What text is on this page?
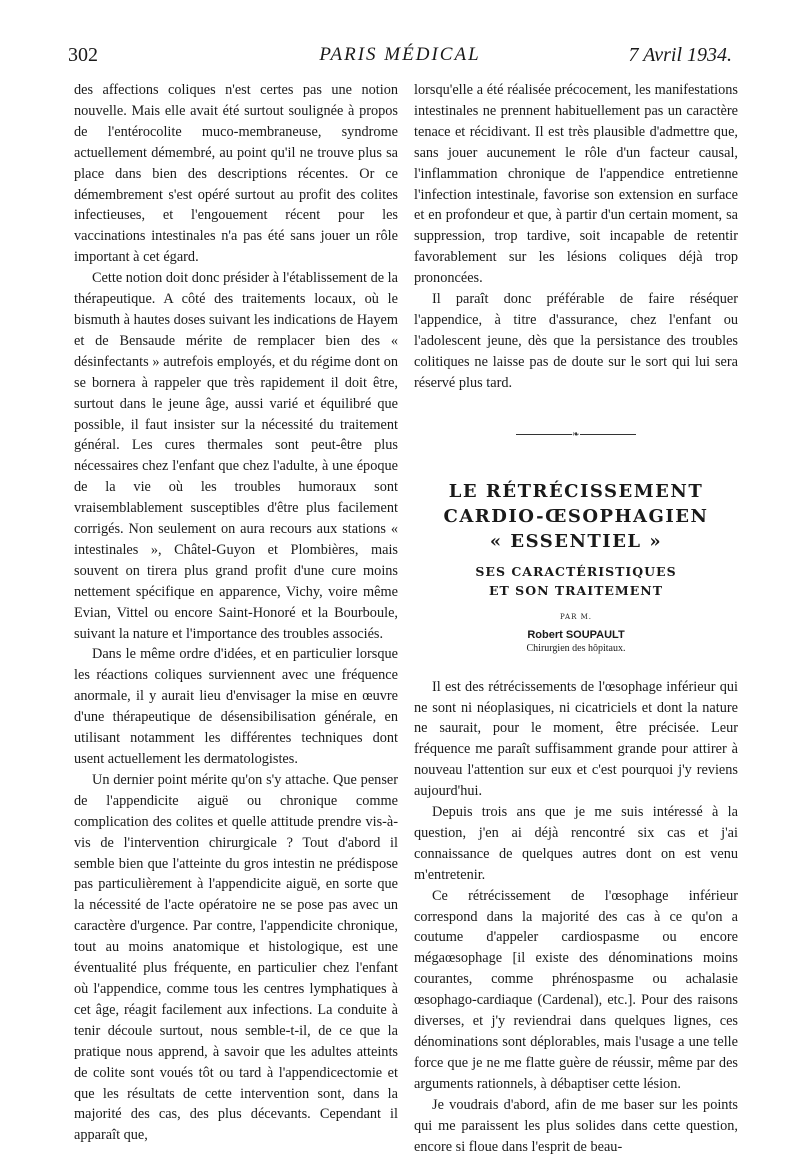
302	PARIS MÉDICAL	7 Avril 1934.

des affections coliques n'est certes pas une notion nouvelle. Mais elle avait été surtout soulignée à propos de l'entérocolite muco-membraneuse, syndrome actuellement démembré, au point qu'il ne trouve plus sa place dans bien des descriptions récentes. Or ce démembrement s'est opéré surtout au profit des colites infectieuses, et l'engouement récent pour les vaccinations intestinales n'a pas été sans jouer un rôle important à cet égard.

Cette notion doit donc présider à l'établissement de la thérapeutique. A côté des traitements locaux, où le bismuth à hautes doses suivant les indications de Hayem et de Bensaude mérite de remplacer bien des « désinfectants » autrefois employés, et du régime dont on se bornera à rappeler que très rapidement il doit être, surtout dans le jeune âge, aussi varié et équilibré que possible, il faut insister sur la nécessité du traitement général. Les cures thermales sont peut-être plus nécessaires chez l'enfant que chez l'adulte, à une époque de la vie où les troubles humoraux sont vraisemblablement susceptibles d'être plus facilement corrigés. Non seulement on aura recours aux stations « intestinales », Châtel-Guyon et Plombières, mais souvent on tirera plus grand profit d'une cure moins nettement spécifique en apparence, Vichy, voire même Evian, Vittel ou encore Saint-Honoré et la Bourboule, suivant la nature et l'importance des troubles associés.

Dans le même ordre d'idées, et en particulier lorsque les réactions coliques surviennent avec une fréquence anormale, il y aurait lieu d'envisager la mise en œuvre d'une thérapeutique de désensibilisation générale, en utilisant notamment les différentes techniques dont usent actuellement les dermatologistes.

Un dernier point mérite qu'on s'y attache. Que penser de l'appendicite aiguë ou chronique comme complication des colites et quelle attitude prendre vis-à-vis de l'intervention chirurgicale ? Tout d'abord il semble bien que l'atteinte du gros intestin ne prédispose pas particulièrement à l'appendicite aiguë, en sorte que la nécessité de l'acte opératoire ne se pose pas avec un caractère d'urgence. Par contre, l'appendicite chronique, tout au moins anatomique et histologique, est une éventualité plus fréquente, en particulier chez l'enfant où l'appendice, comme tous les centres lymphatiques à cet âge, réagit facilement aux infections. La conduite à tenir découle surtout, nous semble-t-il, de ce que la pratique nous apprend, à savoir que les adultes atteints de colite sont voués tôt ou tard à l'appendicectomie et que les résultats de cette intervention sont, dans la majorité des cas, des plus décevants. Cependant il apparaît que,

lorsqu'elle a été réalisée précocement, les manifestations intestinales ne prennent habituellement pas un caractère tenace et récidivant. Il est très plausible d'admettre que, sans jouer aucunement le rôle d'un facteur causal, l'inflammation chronique de l'appendice entretienne l'infection intestinale, favorise son extension en surface et en profondeur et que, à partir d'un certain moment, sa suppression, trop tardive, soit incapable de retentir favorablement sur les lésions coliques déjà trop prononcées.

Il paraît donc préférable de faire réséquer l'appendice, à titre d'assurance, chez l'enfant ou l'adolescent jeune, dès que la persistance des troubles colitiques ne laisse pas de doute sur le sort qui lui sera réservé plus tard.

❧
LE RÉTRÉCISSEMENT
CARDIO-ŒSOPHAGIEN
« ESSENTIEL »
SES CARACTÉRISTIQUES
ET SON TRAITEMENT
PAR M.
Robert SOUPAULT
Chirurgien des hôpitaux.

Il est des rétrécissements de l'œsophage inférieur qui ne sont ni néoplasiques, ni cicatriciels et dont la nature ne saurait, pour le moment, être précisée. Leur fréquence me paraît suffisamment grande pour attirer à nouveau l'attention sur eux et c'est pourquoi j'y reviens aujourd'hui.

Depuis trois ans que je me suis intéressé à la question, j'en ai déjà rencontré six cas et j'ai connaissance de quelques autres dont on est venu m'entretenir.

Ce rétrécissement de l'œsophage inférieur correspond dans la majorité des cas à ce qu'on a coutume d'appeler cardiospasme ou encore mégaœsophage [il existe des dénominations moins courantes, comme phrénospasme ou achalasie œsophago-cardiaque (Cardenal), etc.]. Pour des raisons diverses, et j'y reviendrai dans quelques lignes, ces dénominations sont déplorables, mais l'usage a une telle force que je ne me flatte guère de réussir, même par des arguments rationnels, à débaptiser cette lésion.

Je voudrais d'abord, afin de me baser sur les points qui me paraissent les plus solides dans cette question, encore si floue dans l'esprit de beau-
